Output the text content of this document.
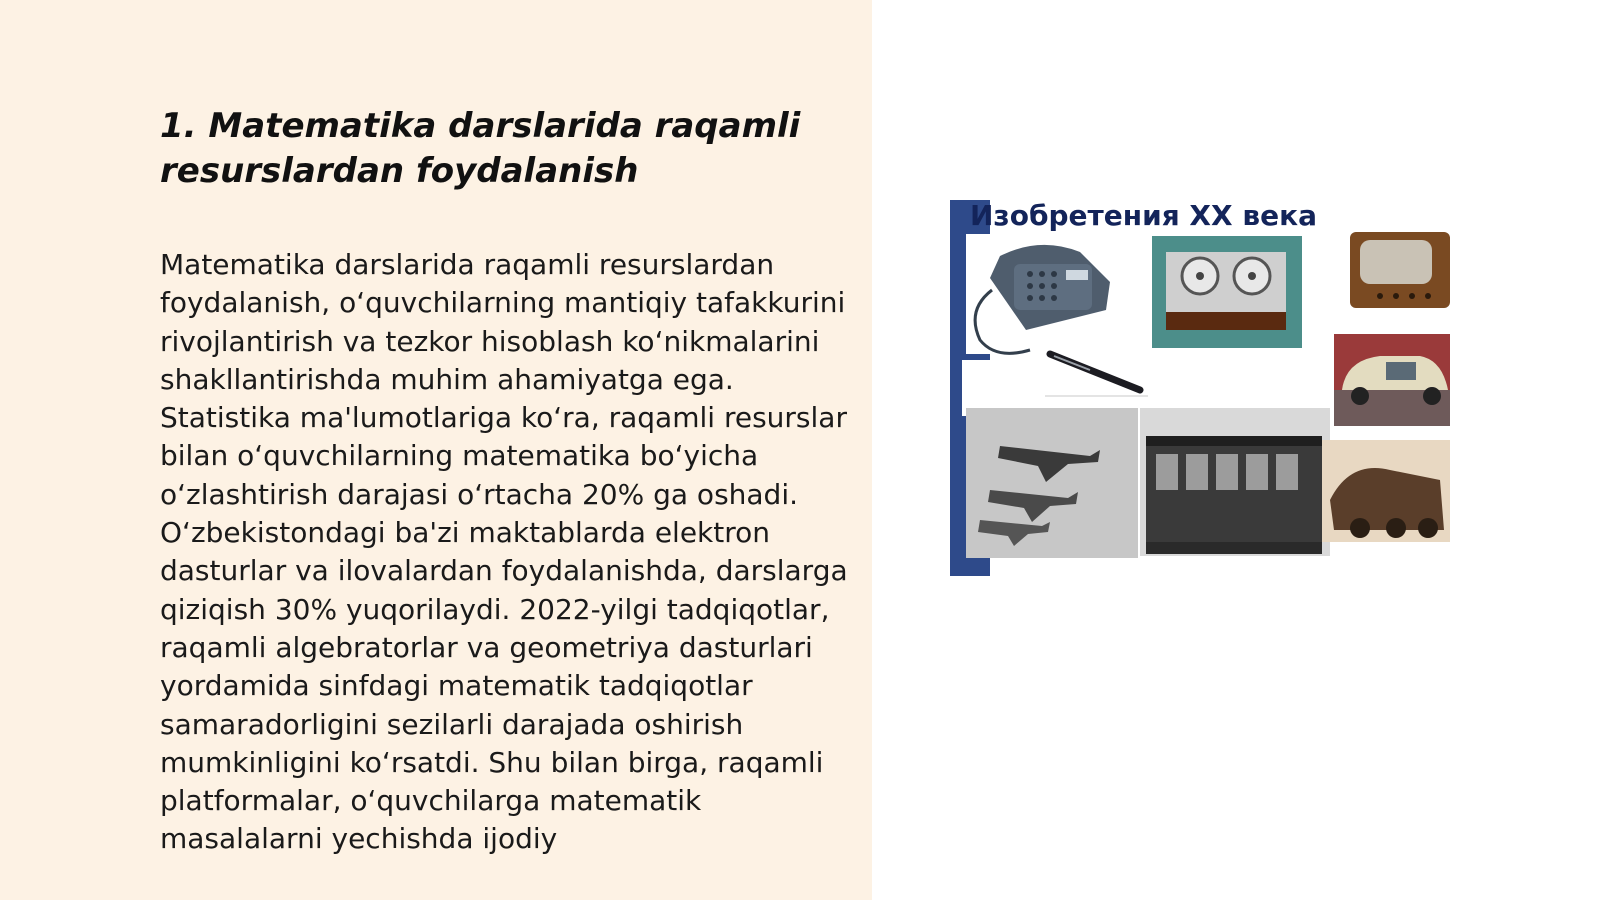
1. Matematika darslarida raqamli resurslardan foydalanish

Matematika darslarida raqamli resurslardan foydalanish, o‘quvchilarning mantiqiy tafakkurini rivojlantirish va tezkor hisoblash ko‘nikmalarini shakllantirishda muhim ahamiyatga ega. Statistika ma'lumotlariga ko‘ra, raqamli resurslar bilan o‘quvchilarning matematika bo‘yicha o‘zlashtirish darajasi o‘rtacha 20% ga oshadi. O‘zbekistondagi ba'zi maktablarda elektron dasturlar va ilovalardan foydalanishda, darslarga qiziqish 30% yuqorilaydi. 2022-yilgi tadqiqotlar, raqamli algebratorlar va geometriya dasturlari yordamida sinfdagi matematik tadqiqotlar samaradorligini sezilarli darajada oshirish mumkinligini ko‘rsatdi. Shu bilan birga, raqamli platformalar, o‘quvchilarga matematik masalalarni yechishda ijodiy

Изобретения XX века
